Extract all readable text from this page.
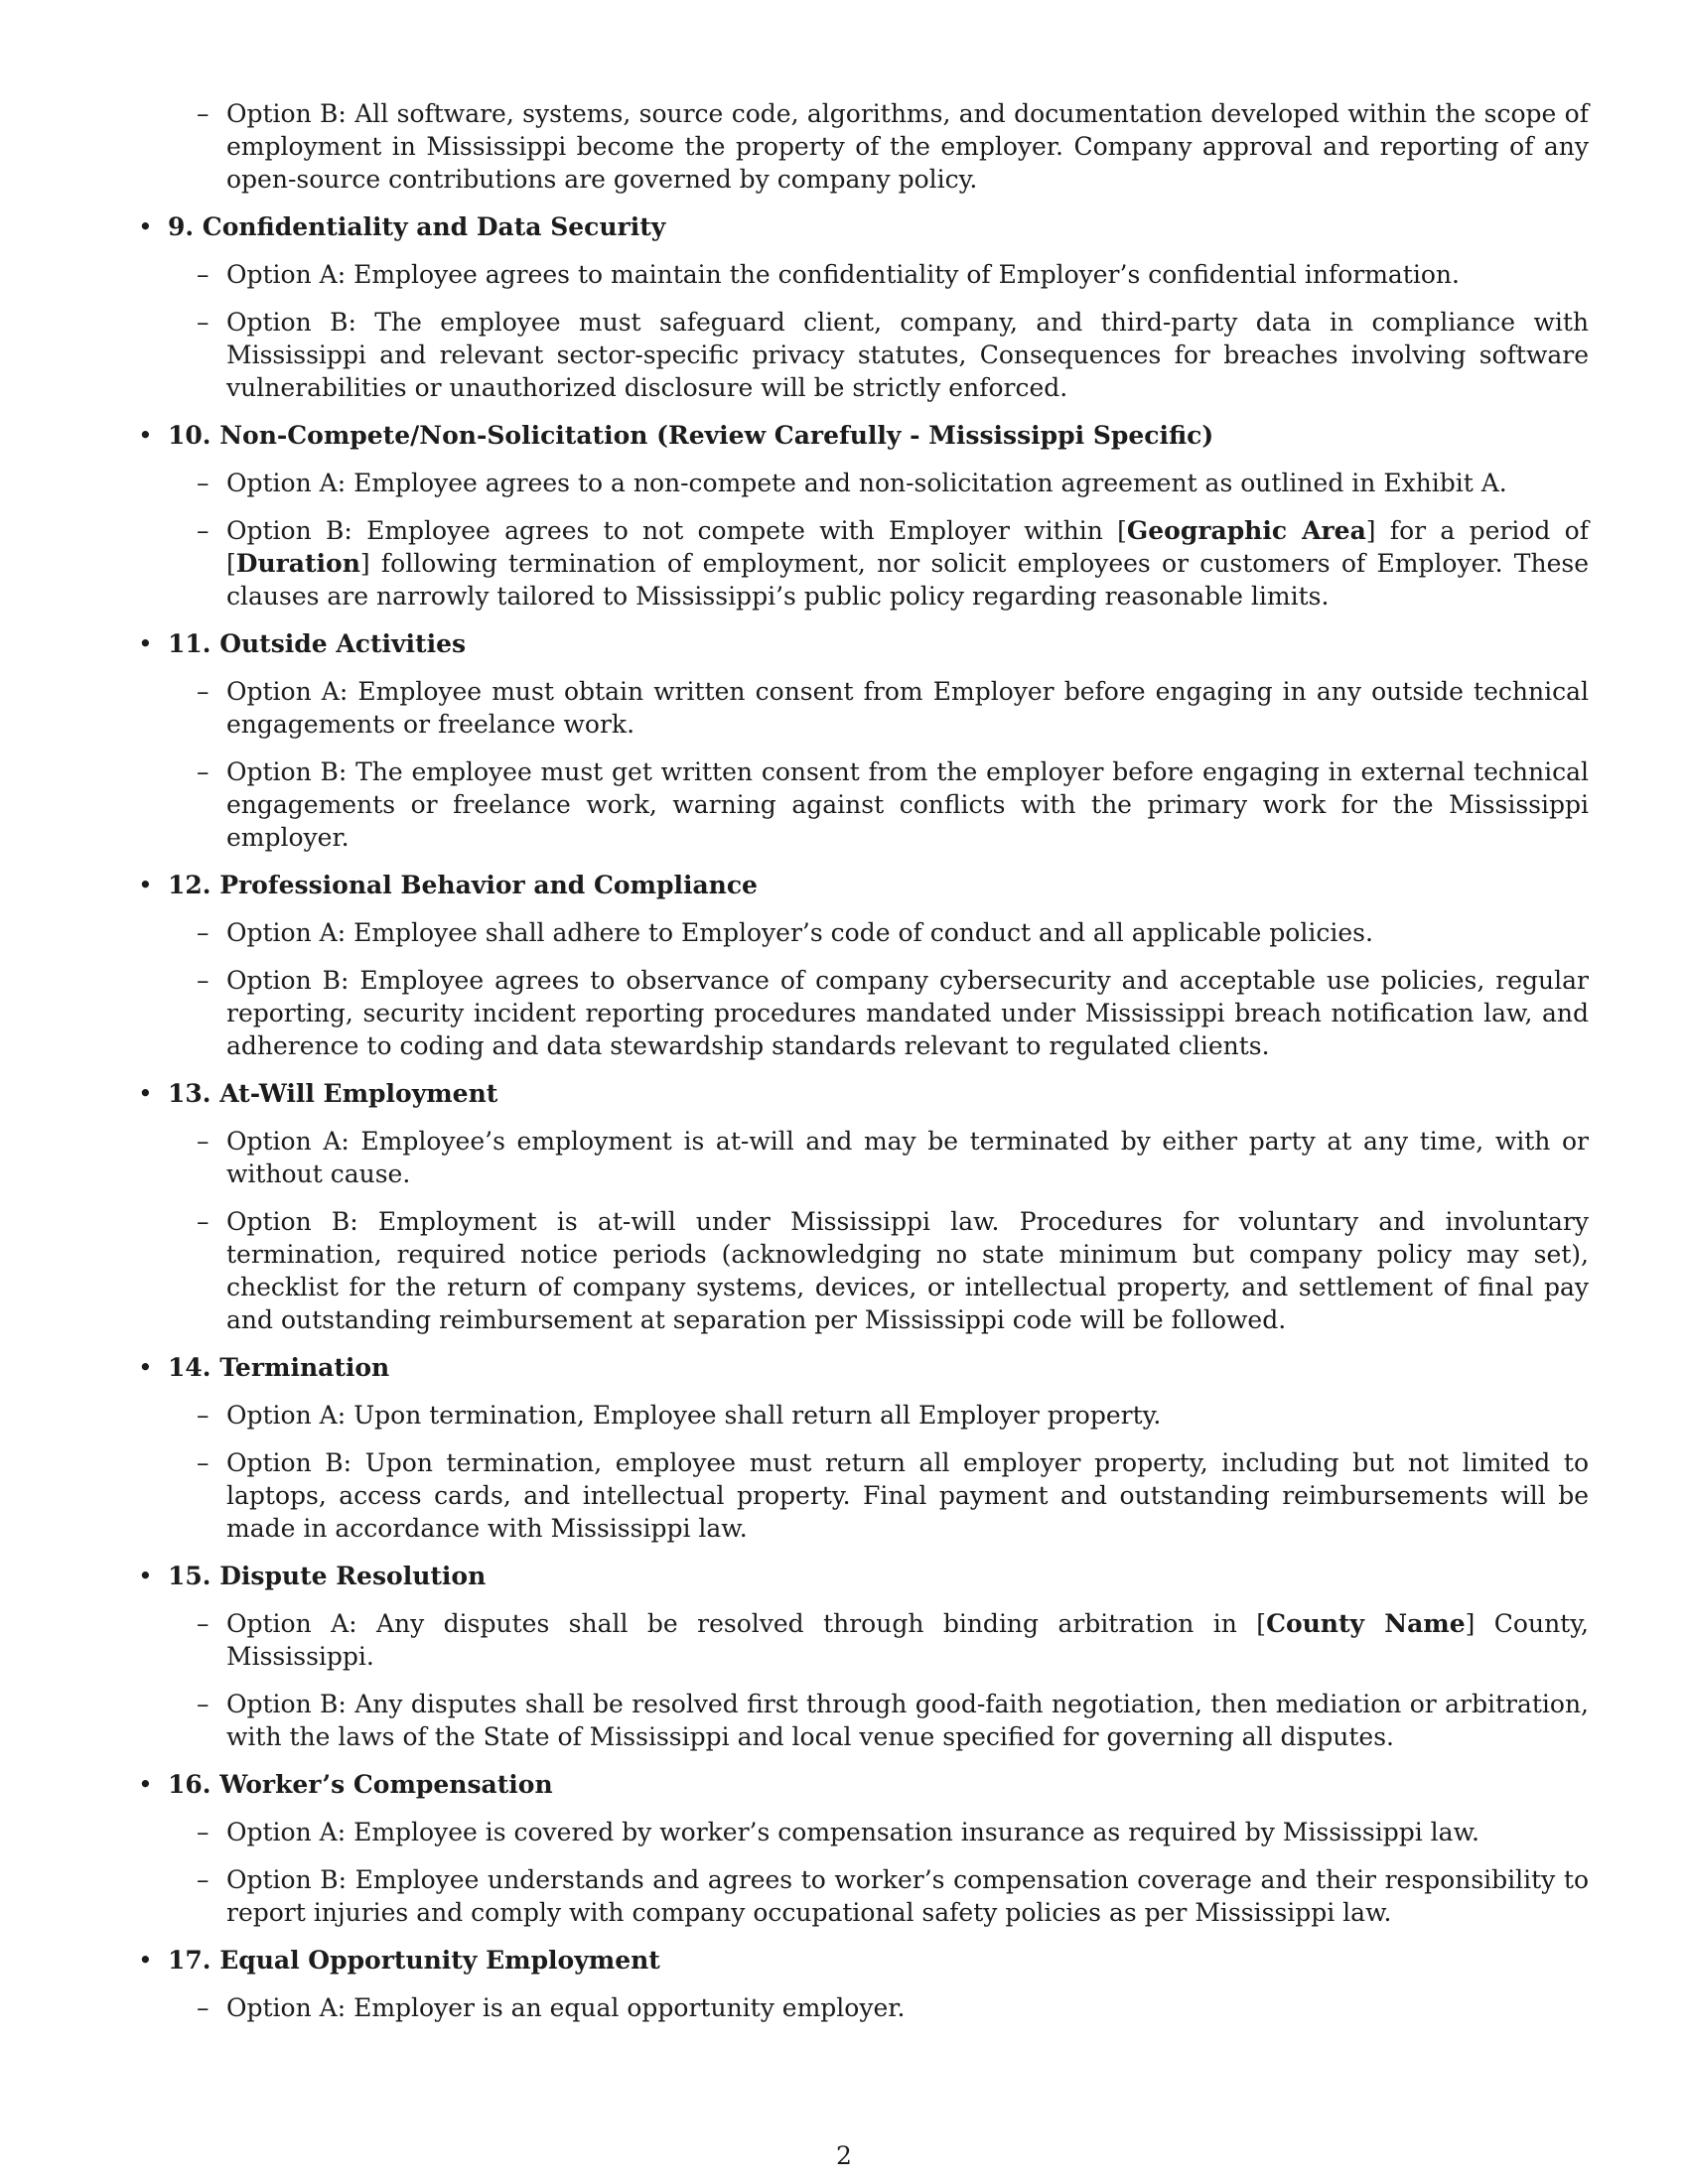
– Option B: All software, systems, source code, algorithms, and documentation developed within the scope of employment in Mississippi become the property of the employer. Company approval and reporting of any open-source contributions are governed by company policy.

• 9. Confidentiality and Data Security

– Option A: Employee agrees to maintain the confidentiality of Employer’s confidential information.

– Option B: The employee must safeguard client, company, and third-party data in compliance with Mississippi and relevant sector-specific privacy statutes, Consequences for breaches involving software vulnerabilities or unauthorized disclosure will be strictly enforced.

• 10. Non-Compete/Non-Solicitation (Review Carefully - Mississippi Specific)

– Option A: Employee agrees to a non-compete and non-solicitation agreement as outlined in Exhibit A.

– Option B: Employee agrees to not compete with Employer within [Geographic Area] for a period of [Duration] following termination of employment, nor solicit employees or customers of Employer. These clauses are narrowly tailored to Mississippi’s public policy regarding reasonable limits.

• 11. Outside Activities

– Option A: Employee must obtain written consent from Employer before engaging in any outside technical engagements or freelance work.

– Option B: The employee must get written consent from the employer before engaging in external technical engagements or freelance work, warning against conflicts with the primary work for the Mississippi employer.

• 12. Professional Behavior and Compliance

– Option A: Employee shall adhere to Employer’s code of conduct and all applicable policies.

– Option B: Employee agrees to observance of company cybersecurity and acceptable use policies, regular reporting, security incident reporting procedures mandated under Mississippi breach notification law, and adherence to coding and data stewardship standards relevant to regulated clients.

• 13. At-Will Employment

– Option A: Employee’s employment is at-will and may be terminated by either party at any time, with or without cause.

– Option B: Employment is at-will under Mississippi law. Procedures for voluntary and involuntary termination, required notice periods (acknowledging no state minimum but company policy may set), checklist for the return of company systems, devices, or intellectual property, and settlement of final pay and outstanding reimbursement at separation per Mississippi code will be followed.

• 14. Termination

– Option A: Upon termination, Employee shall return all Employer property.

– Option B: Upon termination, employee must return all employer property, including but not limited to laptops, access cards, and intellectual property. Final payment and outstanding reimbursements will be made in accordance with Mississippi law.

• 15. Dispute Resolution

– Option A: Any disputes shall be resolved through binding arbitration in [County Name] County, Mississippi.

– Option B: Any disputes shall be resolved first through good-faith negotiation, then mediation or arbitration, with the laws of the State of Mississippi and local venue specified for governing all disputes.

• 16. Worker’s Compensation

– Option A: Employee is covered by worker’s compensation insurance as required by Mississippi law.

– Option B: Employee understands and agrees to worker’s compensation coverage and their responsibility to report injuries and comply with company occupational safety policies as per Mississippi law.

• 17. Equal Opportunity Employment

– Option A: Employer is an equal opportunity employer.

2
